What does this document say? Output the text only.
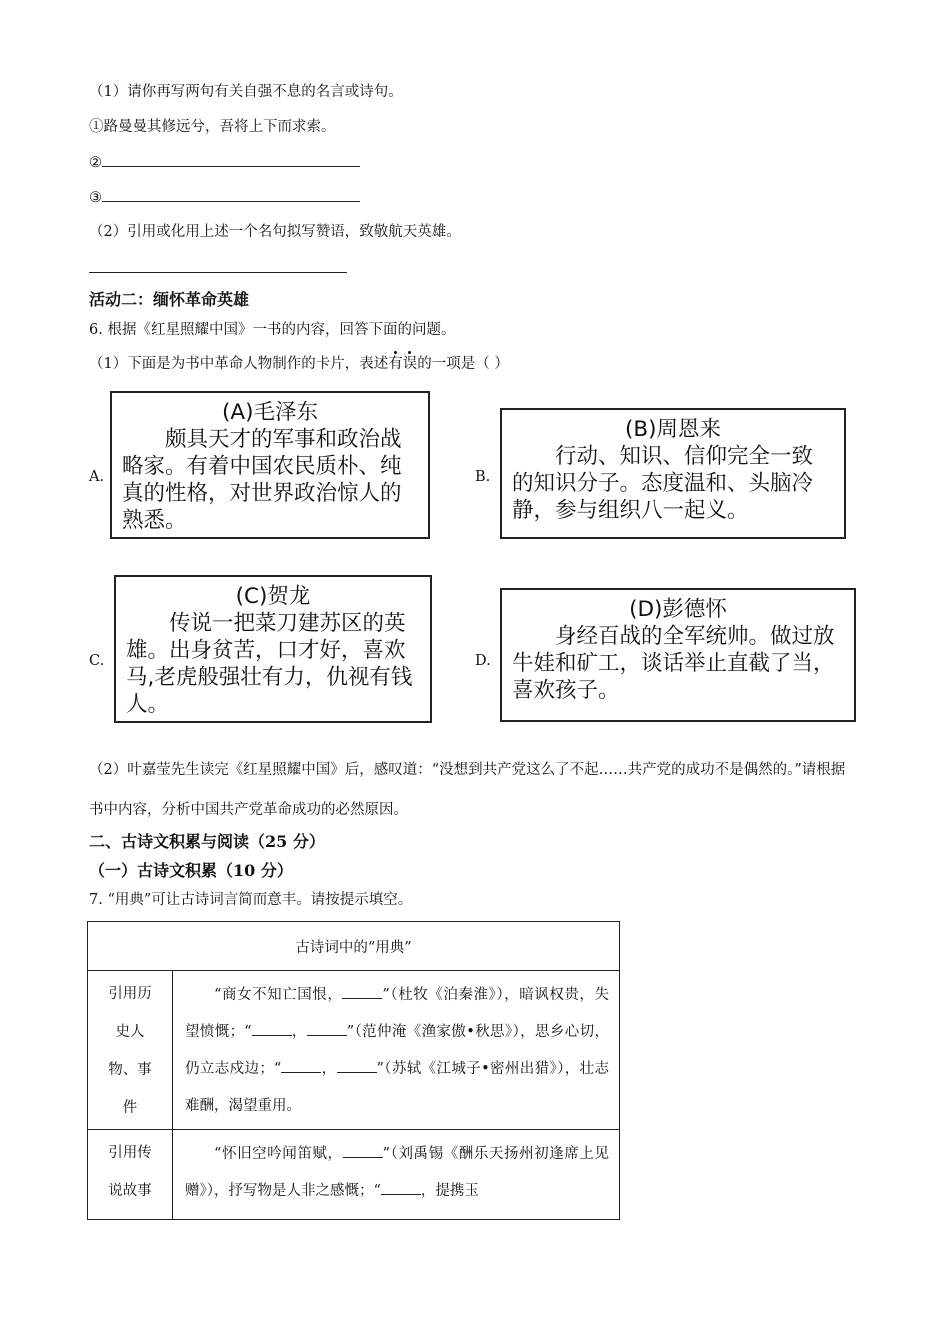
（1）请你再写两句有关自强不息的名言或诗句。
①路曼曼其修远兮，吾将上下而求索。
②
③
（2）引用或化用上述一个名句拟写赞语，致敬航天英雄。
活动二：缅怀革命英雄
6. 根据《红星照耀中国》一书的内容，回答下面的问题。
（1）下面是为书中革命人物制作的卡片，表述有误的一项是（ ）
A.
(A)毛泽东
颇具天才的军事和政治战略家。有着中国农民质朴、纯真的性格，对世界政治惊人的熟悉。
B.
(B)周恩来
行动、知识、信仰完全一致的知识分子。态度温和、头脑冷静，参与组织八一起义。
C.
(C)贺龙
传说一把菜刀建苏区的英雄。出身贫苦，口才好，喜欢马,老虎般强壮有力，仇视有钱人。
D.
(D)彭德怀
身经百战的全军统帅。做过放牛娃和矿工，谈话举止直截了当，喜欢孩子。
（2）叶嘉莹先生读完《红星照耀中国》后，感叹道：“没想到共产党这么了不起……共产党的成功不是偶然的。”请根据书中内容，分析中国共产党革命成功的必然原因。
二、古诗文积累与阅读（25 分）
（一）古诗文积累（10 分）
7. “用典”可让古诗词言简而意丰。请按提示填空。
古诗词中的“用典”	

引用历
史人
物、事
件	“商女不知亡国恨， ”（杜牧《泊秦淮》），暗讽权贵，失望愤慨；“ ， ”（范仲淹《渔家傲•秋思》），思乡心切，仍立志戍边；“ ， ”（苏轼《江城子•密州出猎》），壮志难酬，渴望重用。

引用传
说故事	“怀旧空吟闻笛赋， ”（刘禹锡《酬乐天扬州初逢席上见赠》），抒写物是人非之感慨；“ ，提携玉
